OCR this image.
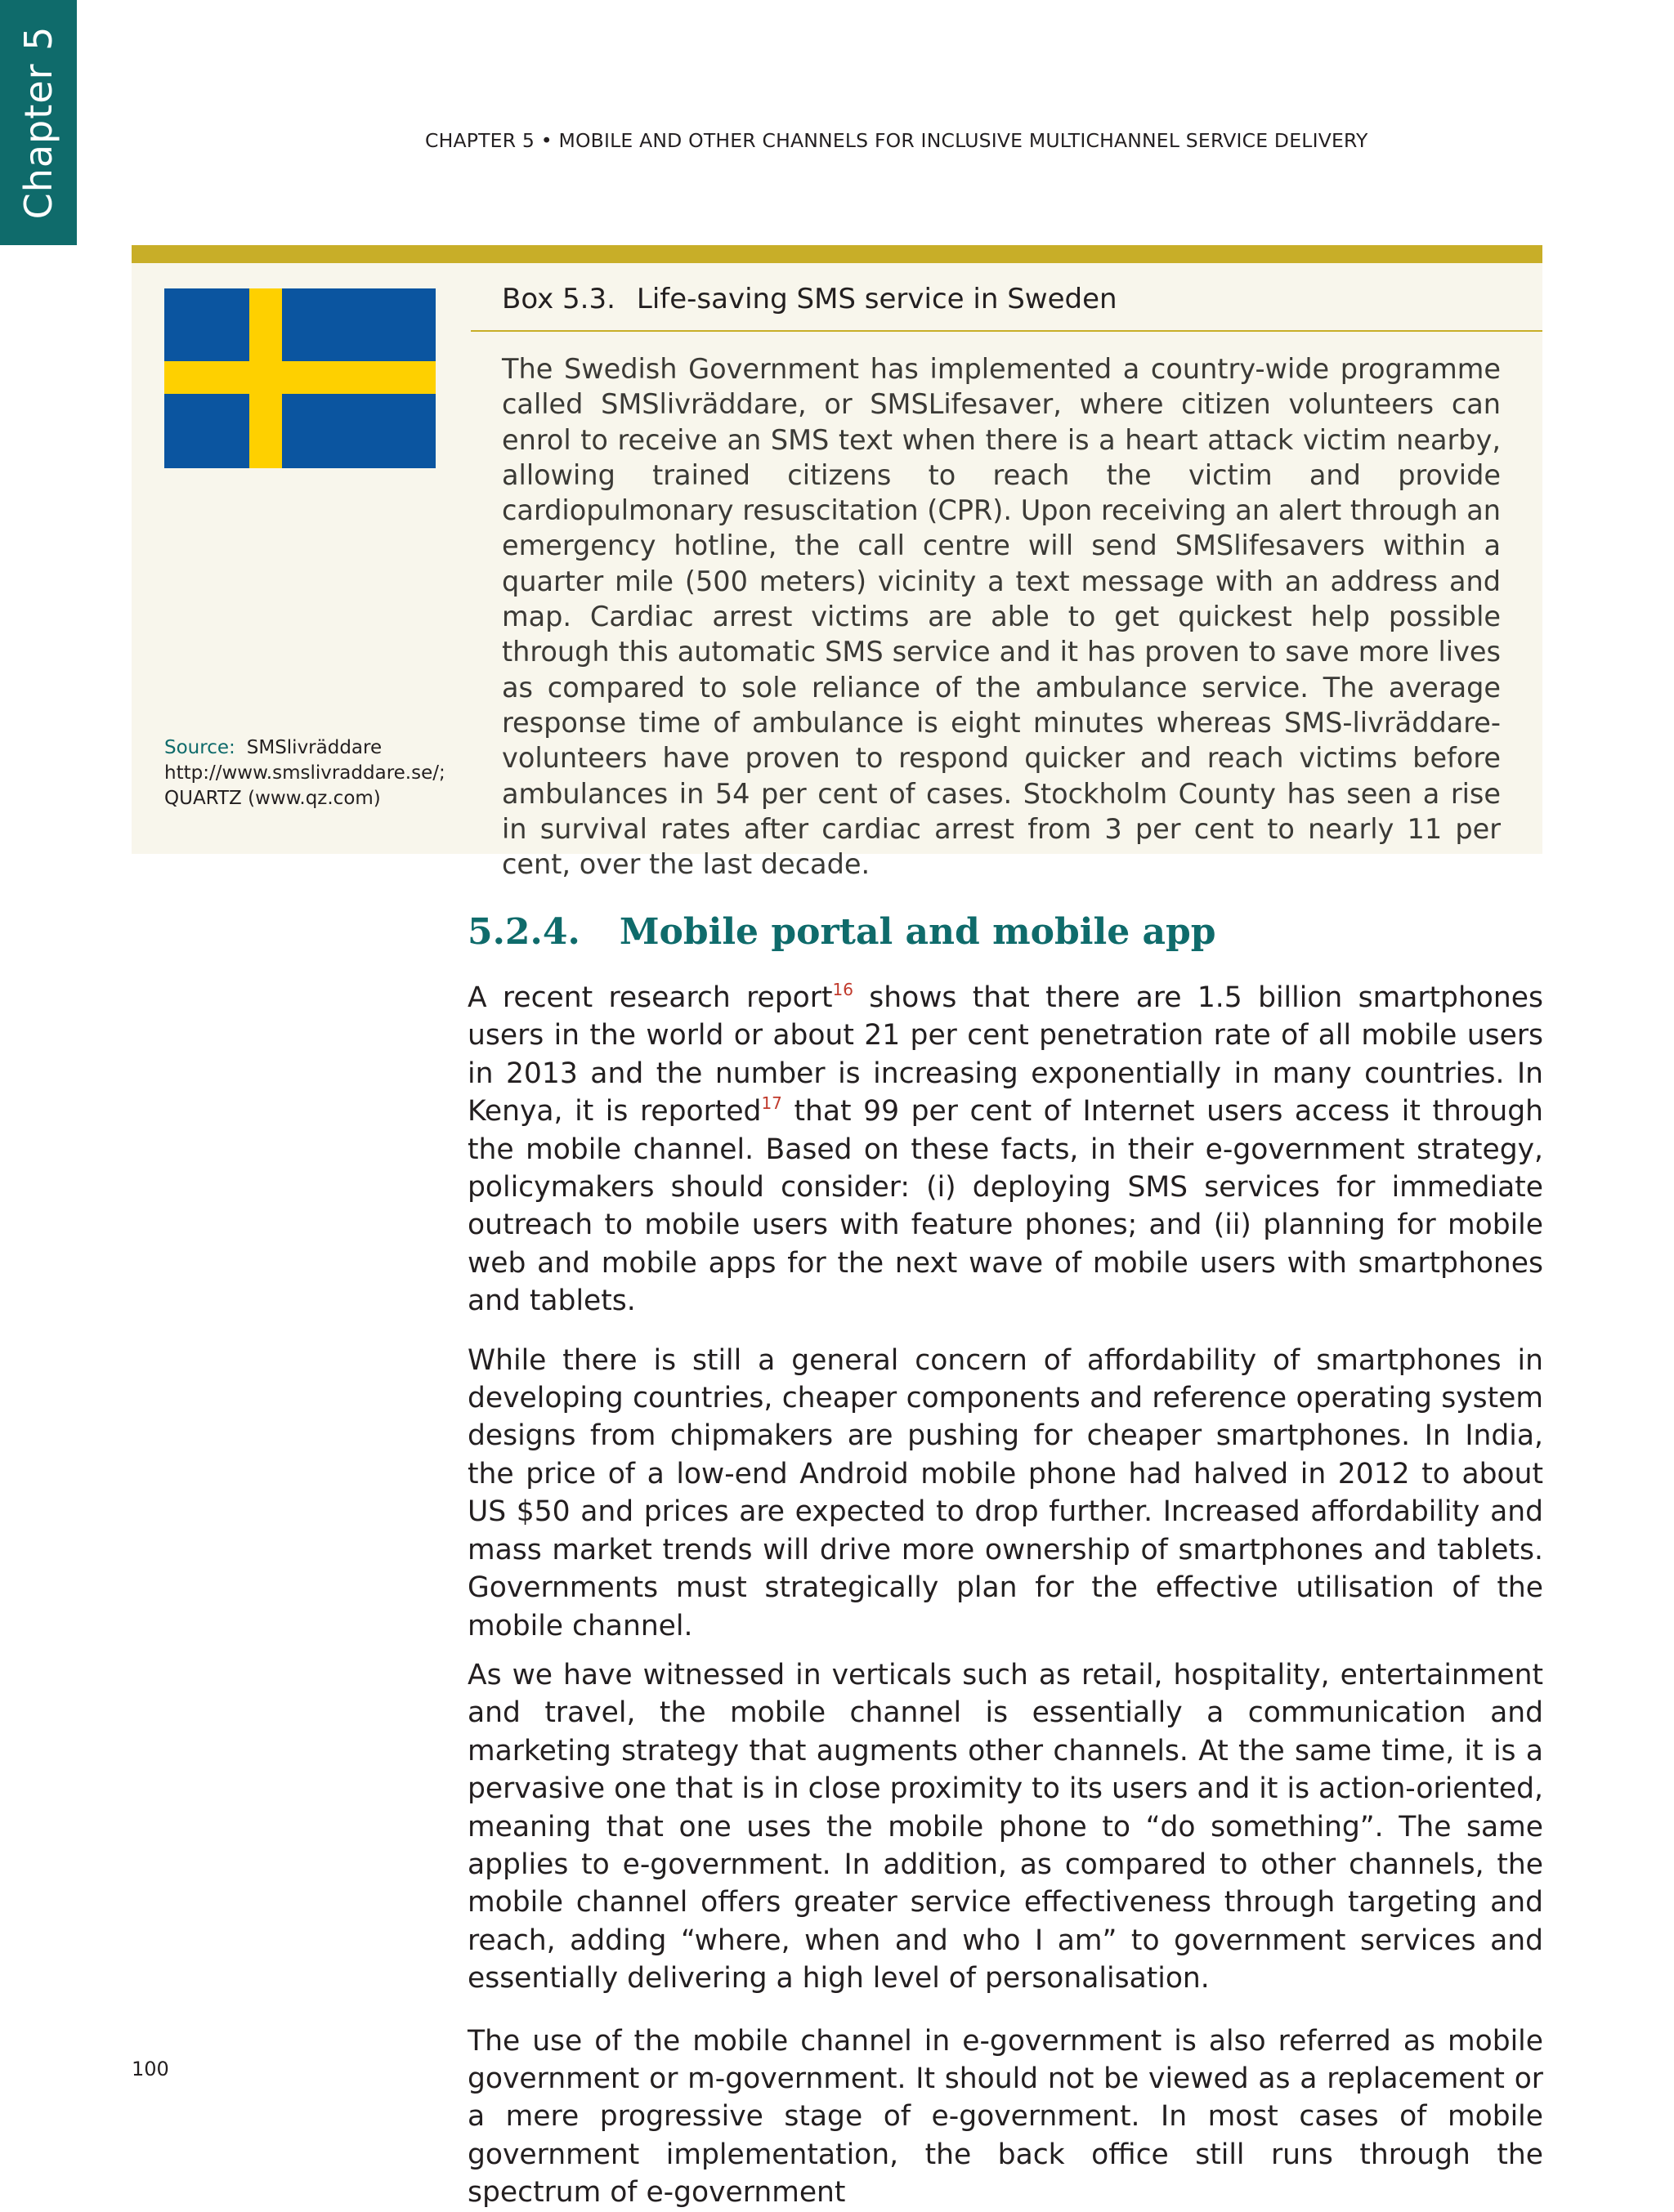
Chapter 5	CHAPTER 5 • MOBILE AND OTHER CHANNELS FOR INCLUSIVE MULTICHANNEL SERVICE DELIVERY
Source: SMSlivräddare http://www.smslivraddare.se/; QUARTZ (www.qz.com)
Box 5.3. Life-saving SMS service in Sweden
The Swedish Government has implemented a country-wide programme called SMSlivräddare, or SMSLifesaver, where citizen volunteers can enrol to receive an SMS text when there is a heart attack victim nearby, allowing trained citizens to reach the victim and provide cardiopulmonary resuscitation (CPR). Upon receiving an alert through an emergency hotline, the call centre will send SMSlifesavers within a quarter mile (500 meters) vicinity a text message with an address and map. Cardiac arrest victims are able to get quickest help possible through this automatic SMS service and it has proven to save more lives as compared to sole reliance of the ambulance service. The average response time of ambulance is eight minutes whereas SMS-livräddare-volunteers have proven to respond quicker and reach victims before ambulances in 54 per cent of cases. Stockholm County has seen a rise in survival rates after cardiac arrest from 3 per cent to nearly 11 per cent, over the last decade.
5.2.4. Mobile portal and mobile app

A recent research report$^{16}$ shows that there are 1.5 billion smartphones users in the world or about 21 per cent penetration rate of all mobile users in 2013 and the number is increasing exponentially in many countries. In Kenya, it is reported$^{17}$ that 99 per cent of Internet users access it through the mobile channel. Based on these facts, in their e-government strategy, policymakers should consider: (i) deploying SMS services for immediate outreach to mobile users with feature phones; and (ii) planning for mobile web and mobile apps for the next wave of mobile users with smartphones and tablets.

While there is still a general concern of affordability of smartphones in developing countries, cheaper components and reference operating system designs from chipmakers are pushing for cheaper smartphones. In India, the price of a low-end Android mobile phone had halved in 2012 to about US $50 and prices are expected to drop further. Increased affordability and mass market trends will drive more ownership of smartphones and tablets. Governments must strategically plan for the effective utilisation of the mobile channel.

As we have witnessed in verticals such as retail, hospitality, entertainment and travel, the mobile channel is essentially a communication and marketing strategy that augments other channels. At the same time, it is a pervasive one that is in close proximity to its users and it is action-oriented, meaning that one uses the mobile phone to “do something”. The same applies to e-government. In addition, as compared to other channels, the mobile channel offers greater service effectiveness through targeting and reach, adding “where, when and who I am” to government services and essentially delivering a high level of personalisation.

The use of the mobile channel in e-government is also referred as mobile government or m-government. It should not be viewed as a replacement or a mere progressive stage of e-government. In most cases of mobile government implementation, the back office still runs through the spectrum of e-government

100
